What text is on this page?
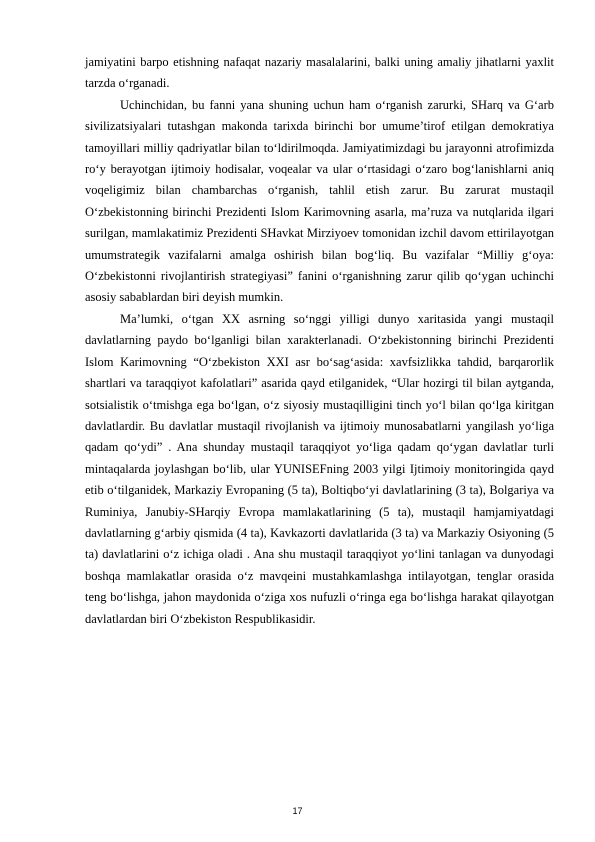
jamiyatini barpo etishning nafaqat nazariy masalalarini, balki uning amaliy jihatlarni yaxlit tarzda o‘rganadi.

Uchinchidan, bu fanni yana shuning uchun ham o‘rganish zarurki, SHarq va G‘arb sivilizatsiyalari tutashgan makonda tarixda birinchi bor umume’tirof etilgan demokratiya tamoyillari milliy qadriyatlar bilan to‘ldirilmoqda. Jamiyatimizdagi bu jarayonni atrofimizda ro‘y berayotgan ijtimoiy hodisalar, voqealar va ular o‘rtasidagi o‘zaro bog‘lanishlarni aniq voqeligimiz bilan chambarchas o‘rganish, tahlil etish zarur. Bu zarurat mustaqil O‘zbekistonning birinchi Prezidenti Islom Karimovning asarla, ma’ruza va nutqlarida ilgari surilgan, mamlakatimiz Prezidenti SHavkat Mirziyoev tomonidan izchil davom ettirilayotgan umumstrategik vazifalarni amalga oshirish bilan bog‘liq. Bu vazifalar “Milliy g‘oya: O‘zbekistonni rivojlantirish strategiyasi” fanini o‘rganishning zarur qilib qo‘ygan uchinchi asosiy sabablardan biri deyish mumkin.

Ma’lumki, o‘tgan XX asrning so‘nggi yilligi dunyo xaritasida yangi mustaqil davlatlarning paydo bo‘lganligi bilan xarakterlanadi. O‘zbekistonning birinchi Prezidenti Islom Karimovning “O‘zbekiston XXI asr bo‘sag‘asida: xavfsizlikka tahdid, barqarorlik shartlari va taraqqiyot kafolatlari” asarida qayd etilganidek, “Ular hozirgi til bilan aytganda, sotsialistik o‘tmishga ega bo‘lgan, o‘z siyosiy mustaqilligini tinch yo‘l bilan qo‘lga kiritgan davlatlardir. Bu davlatlar mustaqil rivojlanish va ijtimoiy munosabatlarni yangilash yo‘liga qadam qo‘ydi” . Ana shunday mustaqil taraqqiyot yo‘liga qadam qo‘ygan davlatlar turli mintaqalarda joylashgan bo‘lib, ular YUNISEFning 2003 yilgi Ijtimoiy monitoringida qayd etib o‘tilganidek, Markaziy Evropaning (5 ta), Boltiqbo‘yi davlatlarining (3 ta), Bolgariya va Ruminiya, Janubiy-SHarqiy Evropa mamlakatlarining (5 ta), mustaqil hamjamiyatdagi davlatlarning g‘arbiy qismida (4 ta), Kavkazorti davlatlarida (3 ta) va Markaziy Osiyoning (5 ta) davlatlarini o‘z ichiga oladi . Ana shu mustaqil taraqqiyot yo‘lini tanlagan va dunyodagi boshqa mamlakatlar orasida o‘z mavqeini mustahkamlashga intilayotgan, tenglar orasida teng bo‘lishga, jahon maydonida o‘ziga xos nufuzli o‘ringa ega bo‘lishga harakat qilayotgan davlatlardan biri O‘zbekiston Respublikasidir.

17
